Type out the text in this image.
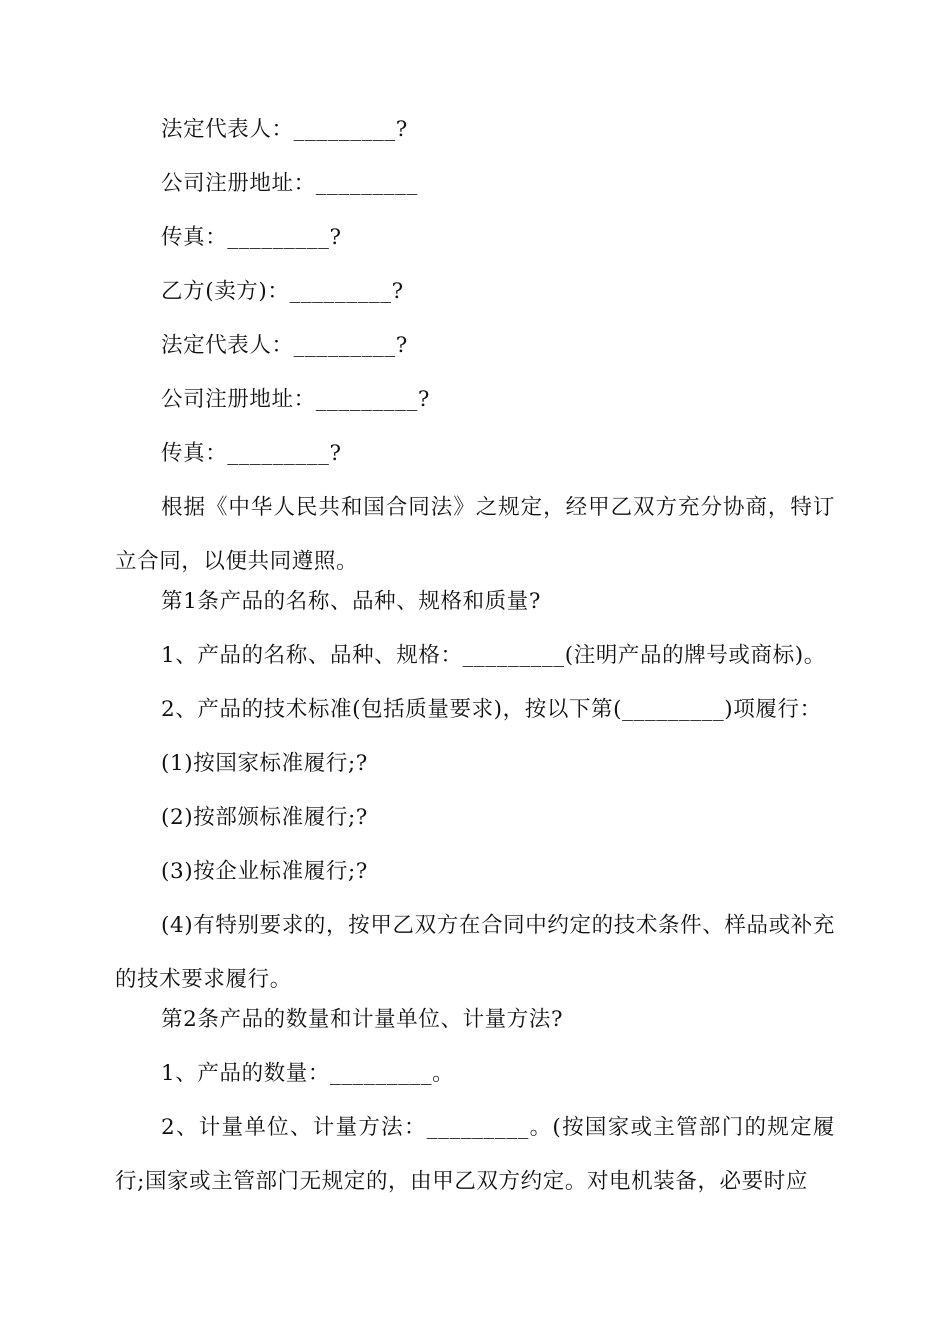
法定代表人：_________?

公司注册地址：_________

传真：_________?

乙方(卖方)：_________?

法定代表人：_________?

公司注册地址：_________?

传真：_________?

根据《中华人民共和国合同法》之规定，经甲乙双方充分协商，特订立合同，以便共同遵照。

第1条产品的名称、品种、规格和质量?

1、产品的名称、品种、规格：_________(注明产品的牌号或商标)。

2、产品的技术标准(包括质量要求)，按以下第(_________)项履行：

(1)按国家标准履行;?

(2)按部颁标准履行;?

(3)按企业标准履行;?

(4)有特别要求的，按甲乙双方在合同中约定的技术条件、样品或补充的技术要求履行。

第2条产品的数量和计量单位、计量方法?

1、产品的数量：_________。

2、计量单位、计量方法：_________。(按国家或主管部门的规定履行;国家或主管部门无规定的，由甲乙双方约定。对电机装备，必要时应
